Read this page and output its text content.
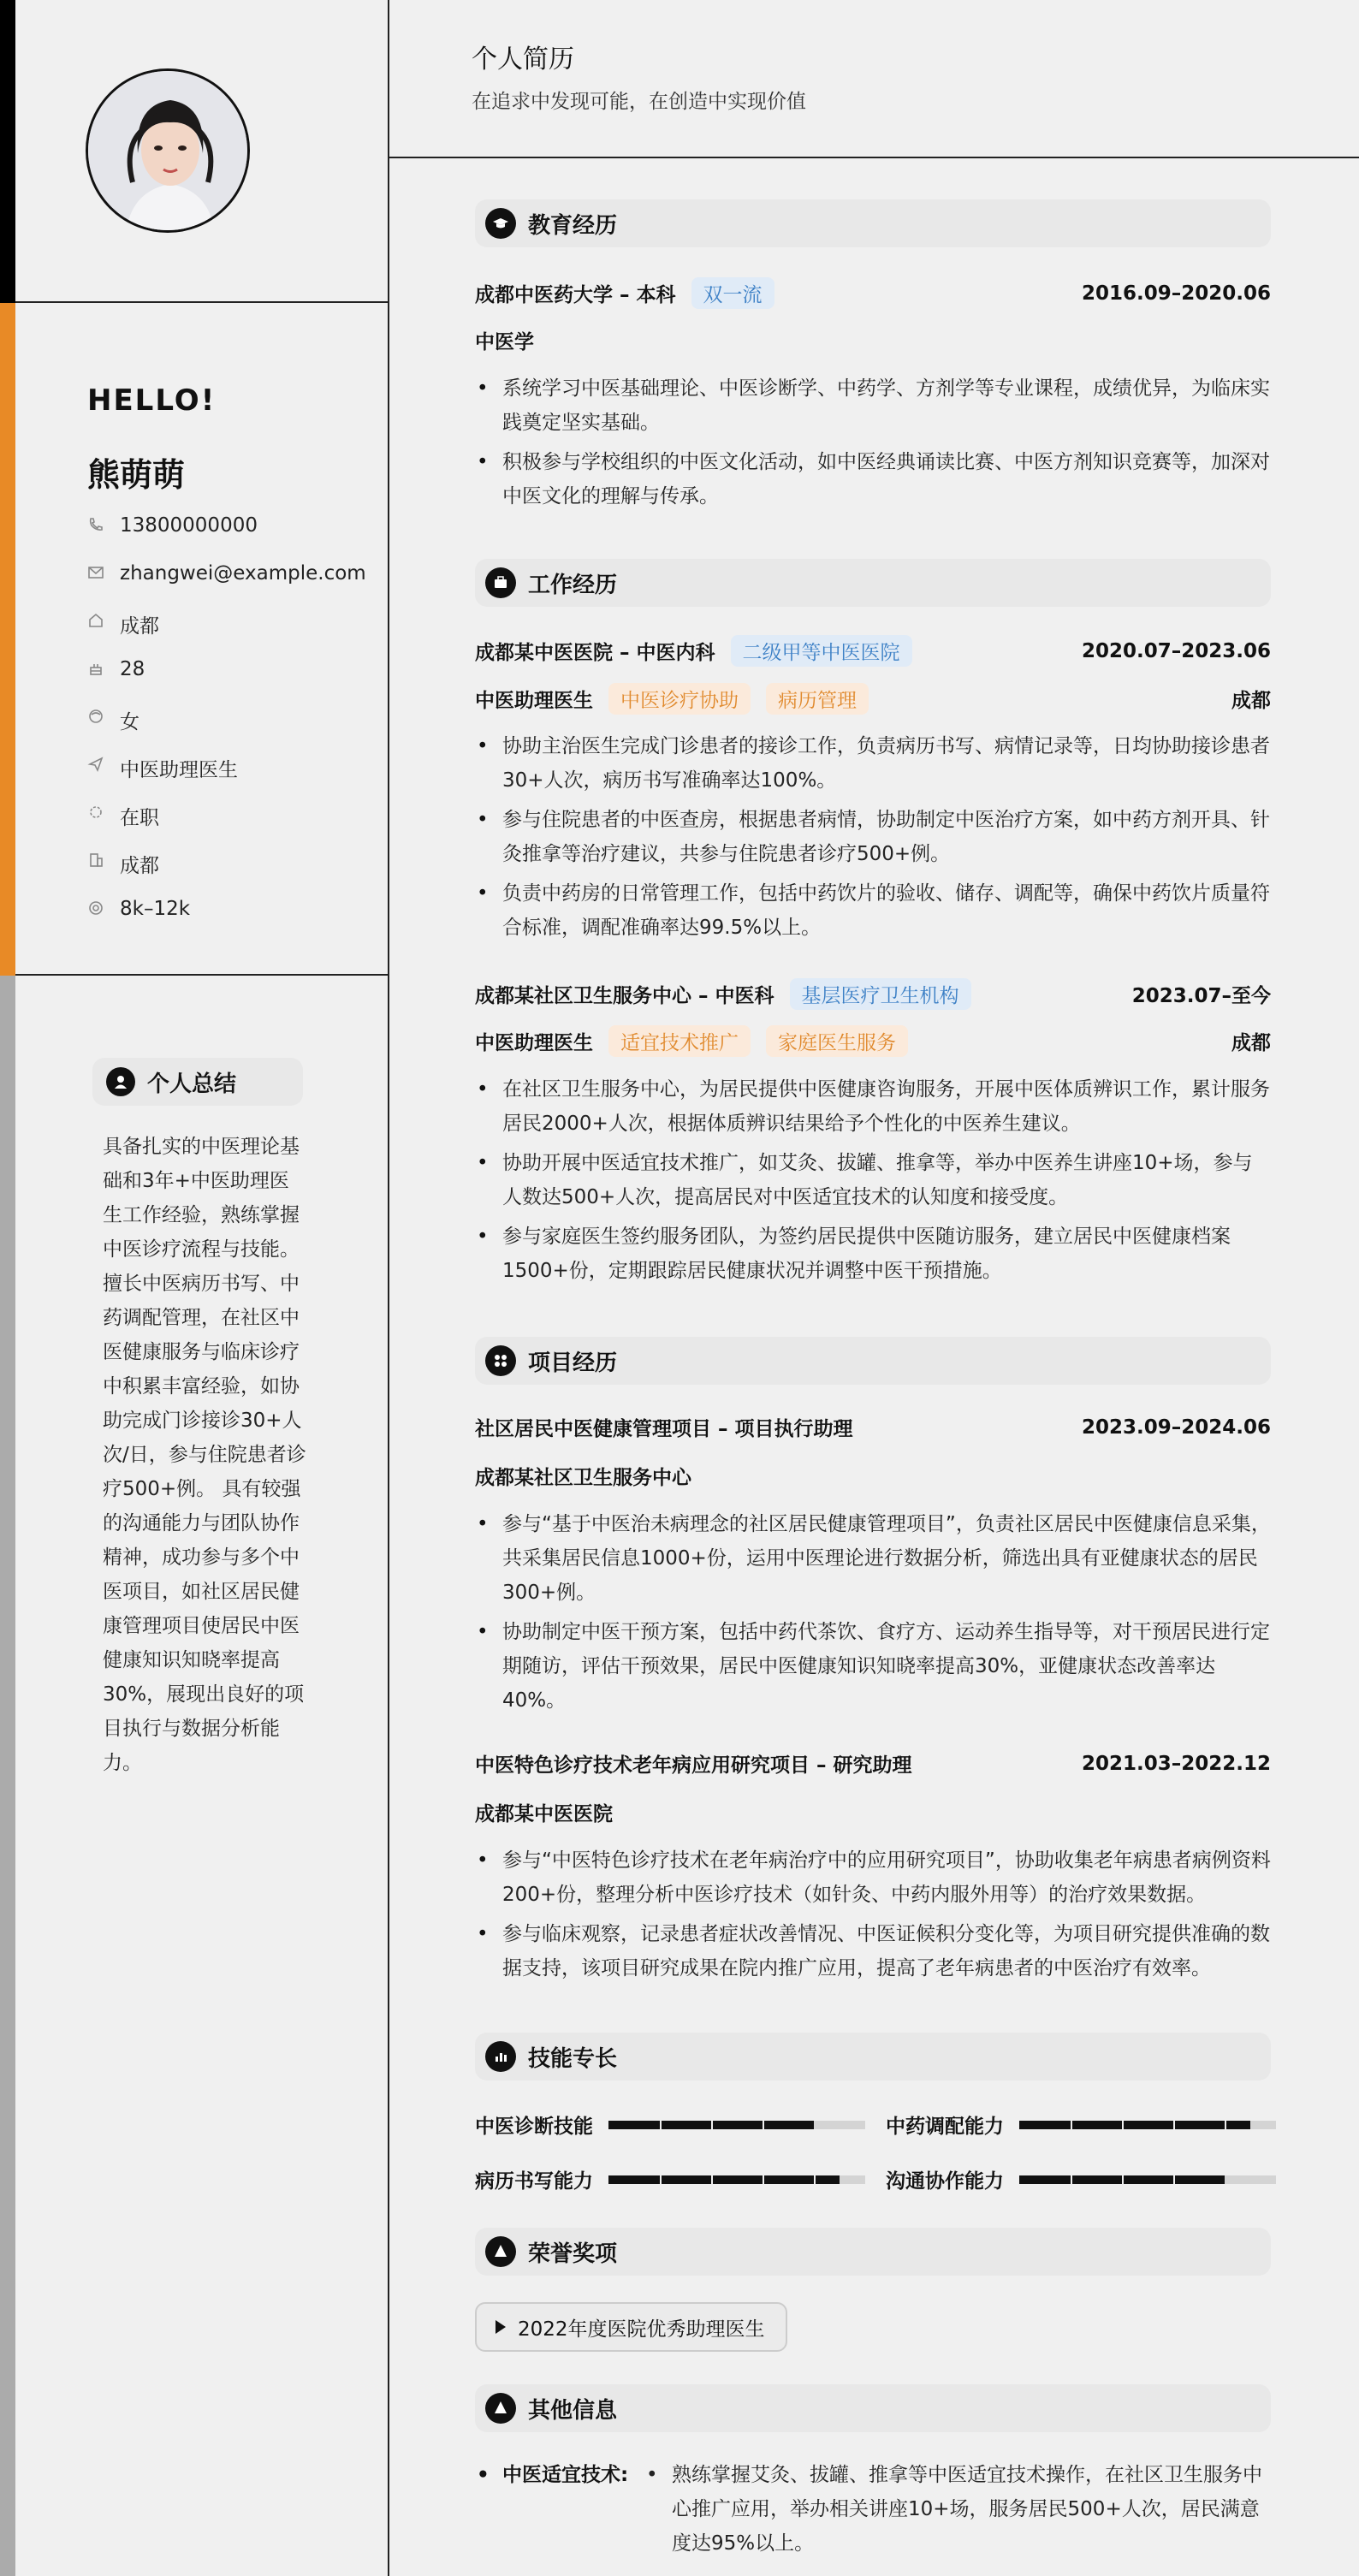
HELLO!
熊萌萌
13800000000
zhangwei@example.com
成都
28
女
中医助理医生
在职
成都
8k–12k
个人总结
具备扎实的中医理论基础和3年+中医助理医生工作经验，熟练掌握中医诊疗流程与技能。 擅长中医病历书写、中药调配管理，在社区中医健康服务与临床诊疗中积累丰富经验，如协助完成门诊接诊30+人次/日，参与住院患者诊疗500+例。 具有较强的沟通能力与团队协作精神，成功参与多个中医项目，如社区居民健康管理项目使居民中医健康知识知晓率提高30%，展现出良好的项目执行与数据分析能力。
个人简历
在追求中发现可能，在创造中实现价值
教育经历
成都中医药大学 – 本科	双一流	2016.09–2020.06
中医学
• 系统学习中医基础理论、中医诊断学、中药学、方剂学等专业课程，成绩优异，为临床实践奠定坚实基础。
• 积极参与学校组织的中医文化活动，如中医经典诵读比赛、中医方剂知识竞赛等，加深对中医文化的理解与传承。
工作经历
成都某中医医院 – 中医内科	二级甲等中医医院	2020.07–2023.06
中医助理医生	中医诊疗协助	病历管理	成都
• 协助主治医生完成门诊患者的接诊工作，负责病历书写、病情记录等，日均协助接诊患者30+人次，病历书写准确率达100%。
• 参与住院患者的中医查房，根据患者病情，协助制定中医治疗方案，如中药方剂开具、针灸推拿等治疗建议，共参与住院患者诊疗500+例。
• 负责中药房的日常管理工作，包括中药饮片的验收、储存、调配等，确保中药饮片质量符合标准，调配准确率达99.5%以上。
成都某社区卫生服务中心 – 中医科	基层医疗卫生机构	2023.07–至今
中医助理医生	适宜技术推广	家庭医生服务	成都
• 在社区卫生服务中心，为居民提供中医健康咨询服务，开展中医体质辨识工作，累计服务居民2000+人次，根据体质辨识结果给予个性化的中医养生建议。
• 协助开展中医适宜技术推广，如艾灸、拔罐、推拿等，举办中医养生讲座10+场，参与人数达500+人次，提高居民对中医适宜技术的认知度和接受度。
• 参与家庭医生签约服务团队，为签约居民提供中医随访服务，建立居民中医健康档案1500+份，定期跟踪居民健康状况并调整中医干预措施。
项目经历
社区居民中医健康管理项目 – 项目执行助理	2023.09–2024.06
成都某社区卫生服务中心
• 参与“基于中医治未病理念的社区居民健康管理项目”，负责社区居民中医健康信息采集，共采集居民信息1000+份，运用中医理论进行数据分析，筛选出具有亚健康状态的居民300+例。
• 协助制定中医干预方案，包括中药代茶饮、食疗方、运动养生指导等，对干预居民进行定期随访，评估干预效果，居民中医健康知识知晓率提高30%，亚健康状态改善率达40%。
中医特色诊疗技术老年病应用研究项目 – 研究助理	2021.03–2022.12
成都某中医医院
• 参与“中医特色诊疗技术在老年病治疗中的应用研究项目”，协助收集老年病患者病例资料200+份，整理分析中医诊疗技术（如针灸、中药内服外用等）的治疗效果数据。
• 参与临床观察，记录患者症状改善情况、中医证候积分变化等，为项目研究提供准确的数据支持，该项目研究成果在院内推广应用，提高了老年病患者的中医治疗有效率。
技能专长
中医诊断技能	中药调配能力
病历书写能力	沟通协作能力
荣誉奖项
2022年度医院优秀助理医生
其他信息
• 中医适宜技术:
•	熟练掌握艾灸、拔罐、推拿等中医适宜技术操作，在社区卫生服务中心推广应用，举办相关讲座10+场，服务居民500+人次，居民满意度达95%以上。
